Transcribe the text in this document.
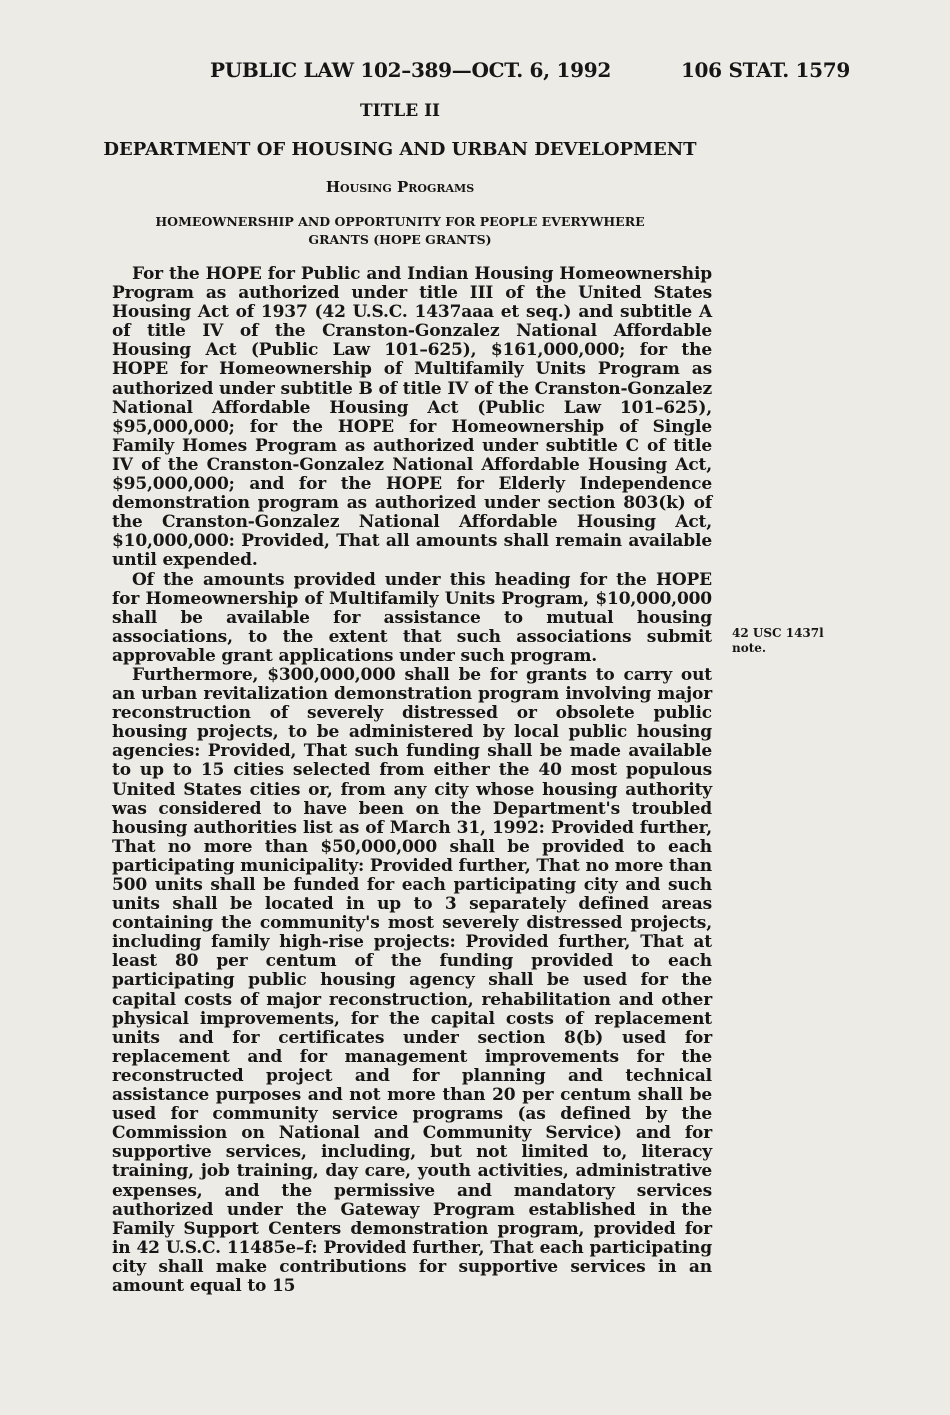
PUBLIC LAW 102–389—OCT. 6, 1992	106 STAT. 1579
TITLE II
DEPARTMENT OF HOUSING AND URBAN DEVELOPMENT
Housing Programs
HOMEOWNERSHIP AND OPPORTUNITY FOR PEOPLE EVERYWHERE
GRANTS (HOPE GRANTS)

For the HOPE for Public and Indian Housing Homeownership Program as authorized under title III of the United States Housing Act of 1937 (42 U.S.C. 1437aaa et seq.) and subtitle A of title IV of the Cranston-Gonzalez National Affordable Housing Act (Public Law 101–625), $161,000,000; for the HOPE for Homeownership of Multifamily Units Program as authorized under subtitle B of title IV of the Cranston-Gonzalez National Affordable Housing Act (Public Law 101–625), $95,000,000; for the HOPE for Homeownership of Single Family Homes Program as authorized under subtitle C of title IV of the Cranston-Gonzalez National Affordable Housing Act, $95,000,000; and for the HOPE for Elderly Independence demonstration program as authorized under section 803(k) of the Cranston-Gonzalez National Affordable Housing Act, $10,000,000: Provided, That all amounts shall remain available until expended.

Of the amounts provided under this heading for the HOPE for Homeownership of Multifamily Units Program, $10,000,000 shall be available for assistance to mutual housing associations, to the extent that such associations submit approvable grant applications under such program.

Furthermore, $300,000,000 shall be for grants to carry out an urban revitalization demonstration program involving major reconstruction of severely distressed or obsolete public housing projects, to be administered by local public housing agencies: Provided, That such funding shall be made available to up to 15 cities selected from either the 40 most populous United States cities or, from any city whose housing authority was considered to have been on the Department's troubled housing authorities list as of March 31, 1992: Provided further, That no more than $50,000,000 shall be provided to each participating municipality: Provided further, That no more than 500 units shall be funded for each participating city and such units shall be located in up to 3 separately defined areas containing the community's most severely distressed projects, including family high-rise projects: Provided further, That at least 80 per centum of the funding provided to each participating public housing agency shall be used for the capital costs of major reconstruction, rehabilitation and other physical improvements, for the capital costs of replacement units and for certificates under section 8(b) used for replacement and for management improvements for the reconstructed project and for planning and technical assistance purposes and not more than 20 per centum shall be used for community service programs (as defined by the Commission on National and Community Service) and for supportive services, including, but not limited to, literacy training, job training, day care, youth activities, administrative expenses, and the permissive and mandatory services authorized under the Gateway Program established in the Family Support Centers demonstration program, provided for in 42 U.S.C. 11485e–f: Provided further, That each participating city shall make contributions for supportive services in an amount equal to 15

42 USC 1437l
note.
